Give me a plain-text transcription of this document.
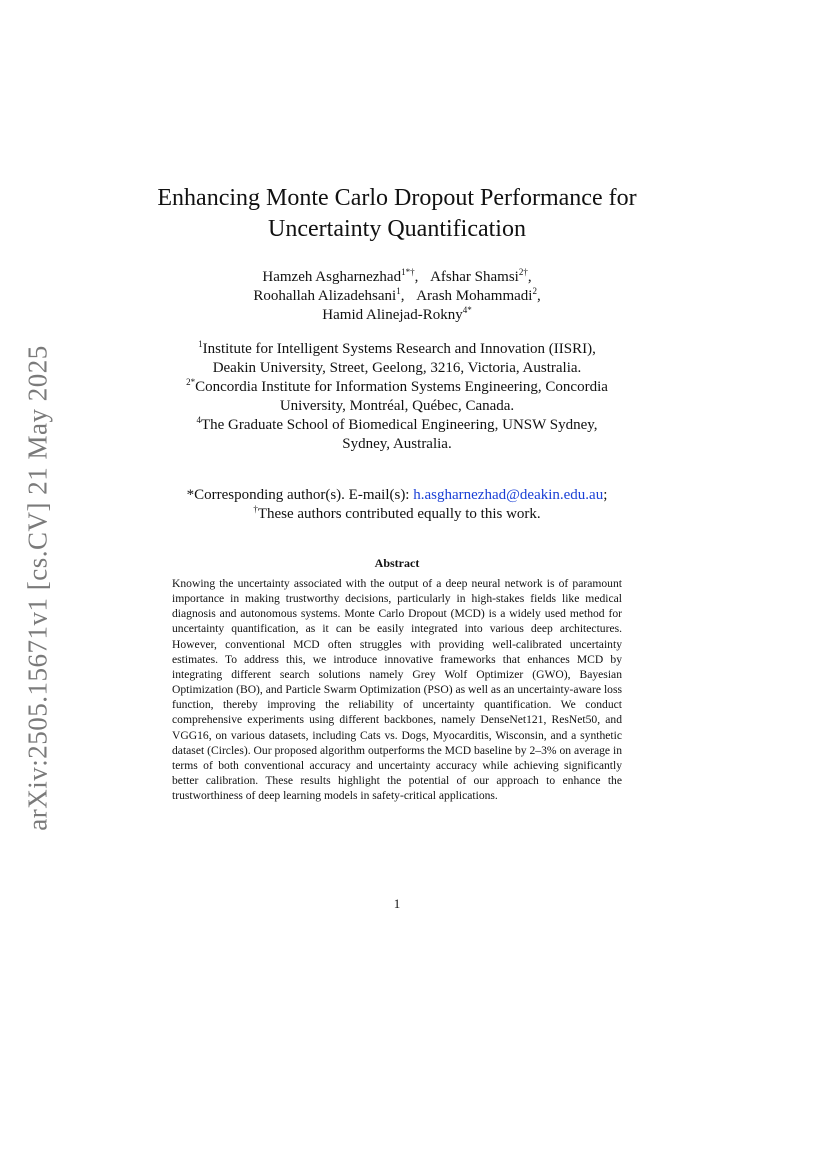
arXiv:2505.15671v1 [cs.CV] 21 May 2025
Enhancing Monte Carlo Dropout Performance for
Uncertainty Quantification
Hamzeh Asgharnezhad$^{1*\dagger}$, Afshar Shamsi$^{2\dagger}$,
Roohallah Alizadehsani$^1$, Arash Mohammadi$^2$,
Hamid Alinejad-Rokny$^{4*}$
$^1$Institute for Intelligent Systems Research and Innovation (IISRI),
Deakin University, Street, Geelong, 3216, Victoria, Australia.
$^{2*}$Concordia Institute for Information Systems Engineering, Concordia
University, Montréal, Québec, Canada.
$^4$The Graduate School of Biomedical Engineering, UNSW Sydney,
Sydney, Australia.
*Corresponding author(s). E-mail(s): h.asgharnezhad@deakin.edu.au;
†These authors contributed equally to this work.
Abstract

Knowing the uncertainty associated with the output of a deep neural network is of paramount importance in making trustworthy decisions, particularly in high-stakes fields like medical diagnosis and autonomous systems. Monte Carlo Dropout (MCD) is a widely used method for uncertainty quantification, as it can be easily integrated into various deep architectures. However, conventional MCD often struggles with providing well-calibrated uncertainty estimates. To address this, we introduce innovative frameworks that enhances MCD by integrating different search solutions namely Grey Wolf Optimizer (GWO), Bayesian Optimization (BO), and Particle Swarm Optimization (PSO) as well as an uncertainty-aware loss function, thereby improving the reliability of uncertainty quantification. We conduct comprehensive experiments using different backbones, namely DenseNet121, ResNet50, and VGG16, on various datasets, including Cats vs. Dogs, Myocarditis, Wisconsin, and a synthetic dataset (Circles). Our proposed algorithm outperforms the MCD baseline by 2–3% on average in terms of both conventional accuracy and uncertainty accuracy while achieving significantly better calibration. These results highlight the potential of our approach to enhance the trustworthiness of deep learning models in safety-critical applications.

1
